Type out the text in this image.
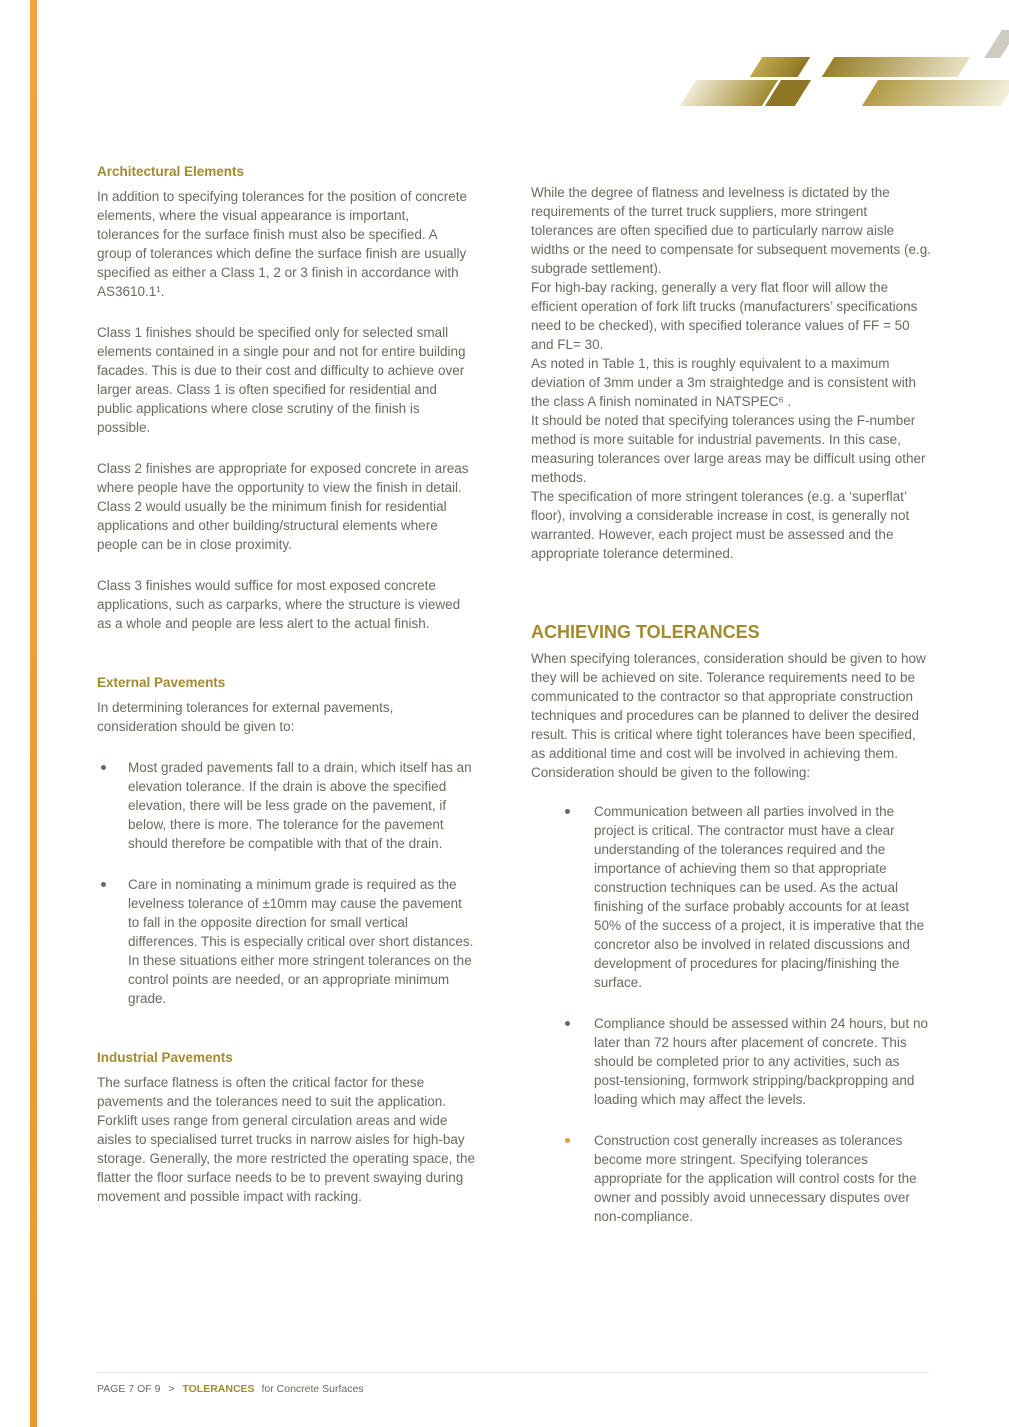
Architectural Elements

In addition to specifying tolerances for the position of concrete elements, where the visual appearance is important, tolerances for the surface finish must also be specified. A group of tolerances which define the surface finish are usually specified as either a Class 1, 2 or 3 finish in accordance with AS3610.1¹.

Class 1 finishes should be specified only for selected small elements contained in a single pour and not for entire building facades. This is due to their cost and difficulty to achieve over larger areas. Class 1 is often specified for residential and public applications where close scrutiny of the finish is possible.

Class 2 finishes are appropriate for exposed concrete in areas where people have the opportunity to view the finish in detail. Class 2 would usually be the minimum finish for residential applications and other building/structural elements where people can be in close proximity.

Class 3 finishes would suffice for most exposed concrete applications, such as carparks, where the structure is viewed as a whole and people are less alert to the actual finish.

External Pavements

In determining tolerances for external pavements, consideration should be given to:

Most graded pavements fall to a drain, which itself has an elevation tolerance. If the drain is above the specified elevation, there will be less grade on the pavement, if below, there is more. The tolerance for the pavement should therefore be compatible with that of the drain.
Care in nominating a minimum grade is required as the levelness tolerance of ±10mm may cause the pavement to fall in the opposite direction for small vertical differences. This is especially critical over short distances. In these situations either more stringent tolerances on the control points are needed, or an appropriate minimum grade.
Industrial Pavements

The surface flatness is often the critical factor for these pavements and the tolerances need to suit the application. Forklift uses range from general circulation areas and wide aisles to specialised turret trucks in narrow aisles for high-bay storage. Generally, the more restricted the operating space, the flatter the floor surface needs to be to prevent swaying during movement and possible impact with racking.

While the degree of flatness and levelness is dictated by the requirements of the turret truck suppliers, more stringent tolerances are often specified due to particularly narrow aisle widths or the need to compensate for subsequent movements (e.g. subgrade settlement).

For high-bay racking, generally a very flat floor will allow the efficient operation of fork lift trucks (manufacturers’ specifications need to be checked), with specified tolerance values of FF = 50 and FL= 30.

As noted in Table 1, this is roughly equivalent to a maximum deviation of 3mm under a 3m straightedge and is consistent with the class A finish nominated in NATSPEC⁶ .

It should be noted that specifying tolerances using the F-number method is more suitable for industrial pavements. In this case, measuring tolerances over large areas may be difficult using other methods.

The specification of more stringent tolerances (e.g. a ‘superflat’ floor), involving a considerable increase in cost, is generally not warranted. However, each project must be assessed and the appropriate tolerance determined.

ACHIEVING TOLERANCES

When specifying tolerances, consideration should be given to how they will be achieved on site. Tolerance requirements need to be communicated to the contractor so that appropriate construction techniques and procedures can be planned to deliver the desired result. This is critical where tight tolerances have been specified, as additional time and cost will be involved in achieving them.

Consideration should be given to the following:

Communication between all parties involved in the project is critical. The contractor must have a clear understanding of the tolerances required and the importance of achieving them so that appropriate construction techniques can be used. As the actual finishing of the surface probably accounts for at least 50% of the success of a project, it is imperative that the concretor also be involved in related discussions and development of procedures for placing/finishing the surface.
Compliance should be assessed within 24 hours, but no later than 72 hours after placement of concrete. This should be completed prior to any activities, such as post-tensioning, formwork stripping/backpropping and loading which may affect the levels.
Construction cost generally increases as tolerances become more stringent. Specifying tolerances appropriate for the application will control costs for the owner and possibly avoid unnecessary disputes over non-compliance.
PAGE 7 OF 9 > TOLERANCES for Concrete Surfaces
